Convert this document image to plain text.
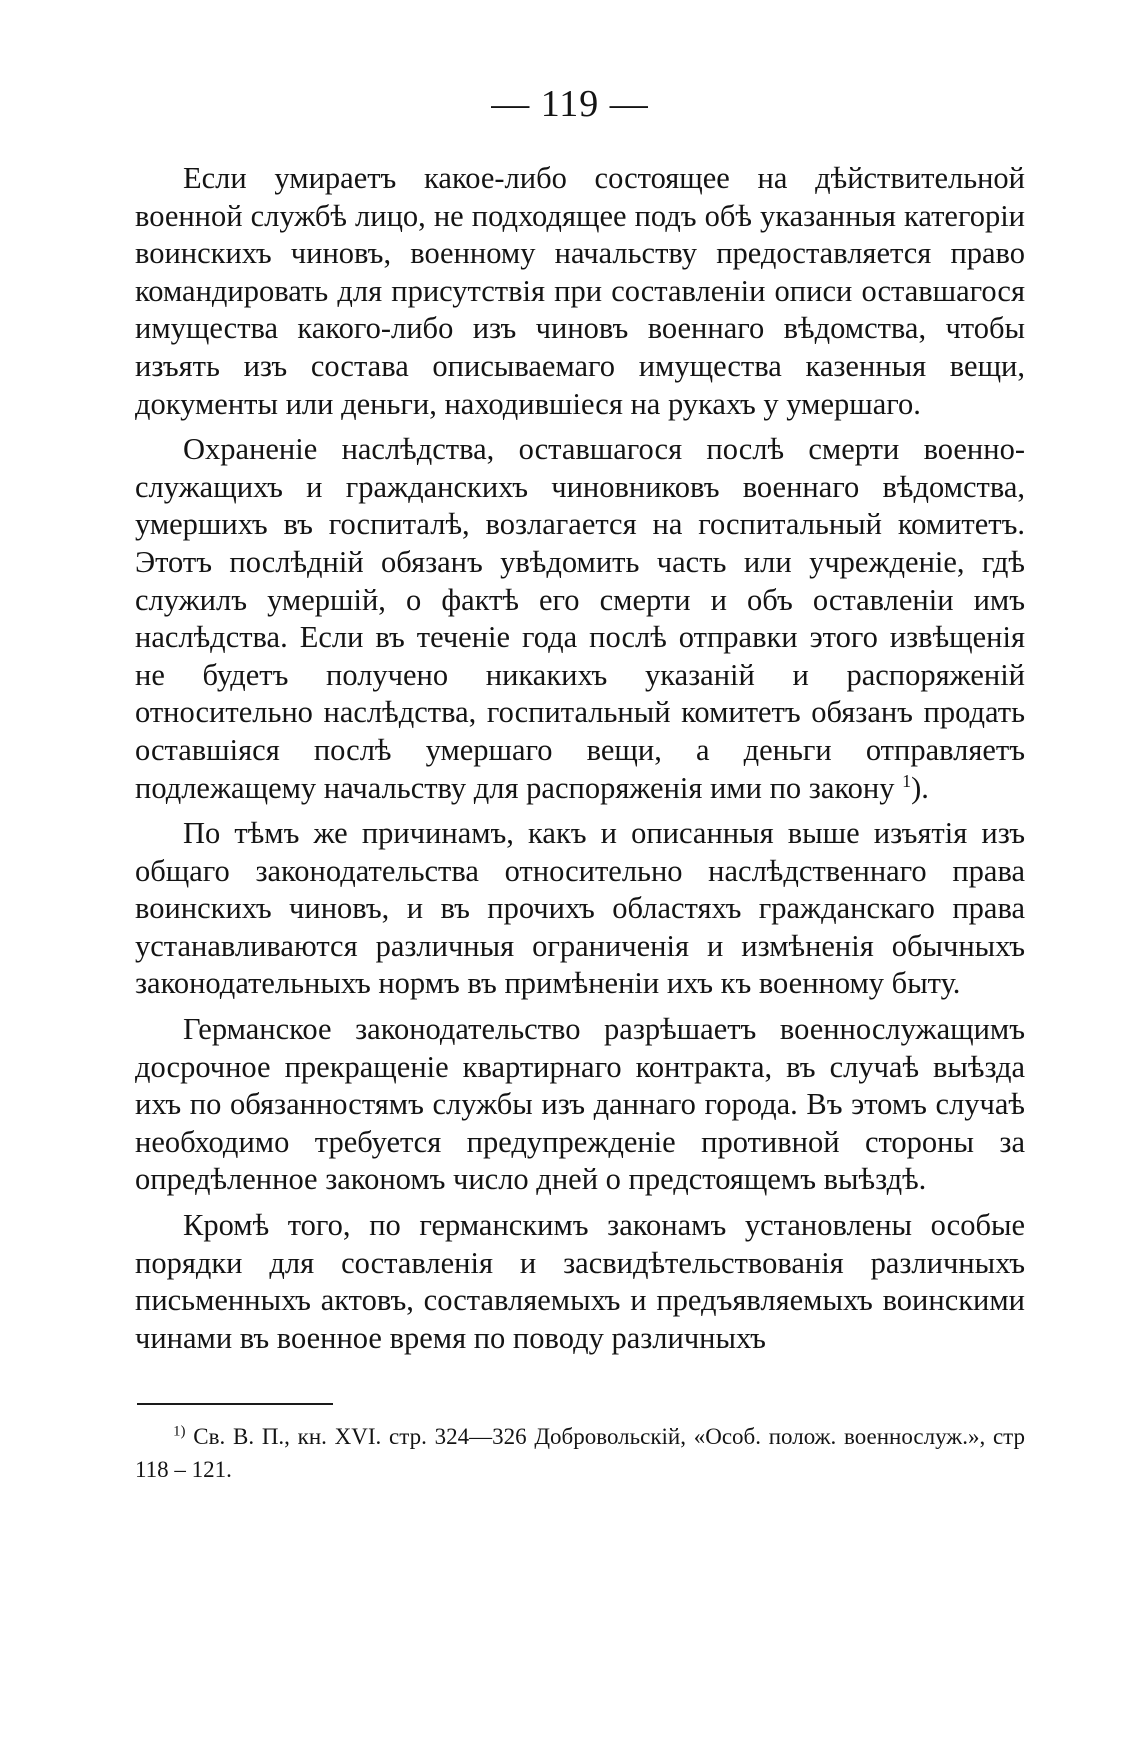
— 119 —

Если умираетъ какое-либо состоящее на дѣйствительной военной службѣ лицо, не подходящее подъ обѣ указанныя категоріи воинскихъ чиновъ, военному начальству предоставляется право командировать для присутствія при составленіи описи оставшагося имущества какого-либо изъ чиновъ военнаго вѣдомства, чтобы изъять изъ состава описываемаго имущества казенныя вещи, документы или деньги, находившіеся на рукахъ у умершаго.

Охраненіе наслѣдства, оставшагося послѣ смерти военнослужащихъ и гражданскихъ чиновниковъ военнаго вѣдомства, умершихъ въ госпиталѣ, возлагается на госпитальный комитетъ. Этотъ послѣдній обязанъ увѣдомить часть или учрежденіе, гдѣ служилъ умершій, о фактѣ его смерти и объ оставленіи имъ наслѣдства. Если въ теченіе года послѣ отправки этого извѣщенія не будетъ получено никакихъ указаній и распоряженій относительно наслѣдства, госпитальный комитетъ обязанъ продать оставшіяся послѣ умершаго вещи, а деньги отправляетъ подлежащему начальству для распоряженія ими по закону $^1$).

По тѣмъ же причинамъ, какъ и описанныя выше изъятія изъ общаго законодательства относительно наслѣдственнаго права воинскихъ чиновъ, и въ прочихъ областяхъ гражданскаго права устанавливаются различныя ограниченія и измѣненія обычныхъ законодательныхъ нормъ въ примѣненіи ихъ къ военному быту.

Германское законодательство разрѣшаетъ военнослужащимъ досрочное прекращеніе квартирнаго контракта, въ случаѣ выѣзда ихъ по обязанностямъ службы изъ даннаго города. Въ этомъ случаѣ необходимо требуется предупрежденіе противной стороны за опредѣленное закономъ число дней о предстоящемъ выѣздѣ.

Кромѣ того, по германскимъ законамъ установлены особые порядки для составленія и засвидѣтельствованія различныхъ письменныхъ актовъ, составляемыхъ и предъявляемыхъ воинскими чинами въ военное время по поводу различныхъ

$^{1)}$ Св. В. П., кн. XVI. стр. 324—326 Добровольскій, «Особ. полож. военнослуж.», стр 118 – 121.
